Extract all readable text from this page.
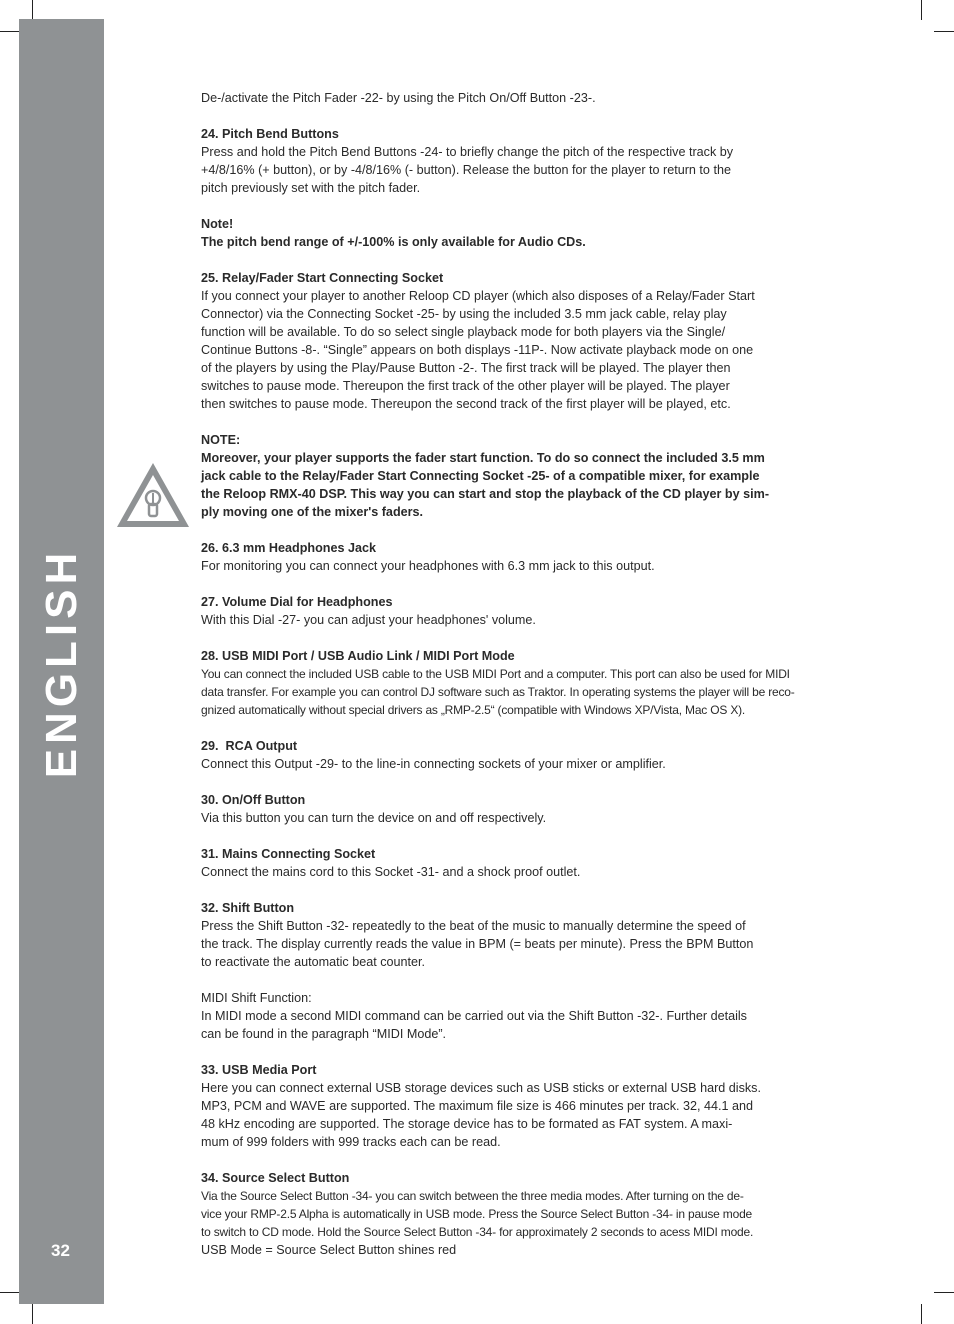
ENGLISH
32
De-/activate the Pitch Fader -22- by using the Pitch On/Off Button -23-.
24. Pitch Bend Buttons
Press and hold the Pitch Bend Buttons -24- to briefly change the pitch of the respective track by
+4/8/16% (+ button), or by -4/8/16% (- button). Release the button for the player to return to the
pitch previously set with the pitch fader.
Note!
The pitch bend range of +/-100% is only available for Audio CDs.
25. Relay/Fader Start Connecting Socket
If you connect your player to another Reloop CD player (which also disposes of a Relay/Fader Start
Connector) via the Connecting Socket -25- by using the included 3.5 mm jack cable, relay play
function will be available. To do so select single playback mode for both players via the Single/
Continue Buttons -8-. “Single” appears on both displays -11P-. Now activate playback mode on one
of the players by using the Play/Pause Button -2-. The first track will be played. The player then
switches to pause mode. Thereupon the first track of the other player will be played. The player
then switches to pause mode. Thereupon the second track of the first player will be played, etc.
NOTE:
Moreover, your player supports the fader start function. To do so connect the included 3.5 mm
jack cable to the Relay/Fader Start Connecting Socket -25- of a compatible mixer, for example
the Reloop RMX-40 DSP. This way you can start and stop the playback of the CD player by sim-
ply moving one of the mixer's faders.
26. 6.3 mm Headphones Jack
For monitoring you can connect your headphones with 6.3 mm jack to this output.
27. Volume Dial for Headphones
With this Dial -27- you can adjust your headphones' volume.
28. USB MIDI Port / USB Audio Link / MIDI Port Mode
You can connect the included USB cable to the USB MIDI Port and a computer. This port can also be used for MIDI
data transfer. For example you can control DJ software such as Traktor. In operating systems the player will be reco-
gnized automatically without special drivers as „RMP-2.5“ (compatible with Windows XP/Vista, Mac OS X).
29.  RCA Output
Connect this Output -29- to the line-in connecting sockets of your mixer or amplifier.
30. On/Off Button
Via this button you can turn the device on and off respectively.
31. Mains Connecting Socket
Connect the mains cord to this Socket -31- and a shock proof outlet.
32. Shift Button
Press the Shift Button -32- repeatedly to the beat of the music to manually determine the speed of
the track. The display currently reads the value in BPM (= beats per minute). Press the BPM Button
to reactivate the automatic beat counter.
MIDI Shift Function:
In MIDI mode a second MIDI command can be carried out via the Shift Button -32-. Further details
can be found in the paragraph “MIDI Mode”.
33. USB Media Port
Here you can connect external USB storage devices such as USB sticks or external USB hard disks.
MP3, PCM and WAVE are supported. The maximum file size is 466 minutes per track. 32, 44.1 and
48 kHz encoding are supported. The storage device has to be formated as FAT system. A maxi-
mum of 999 folders with 999 tracks each can be read.
34. Source Select Button
Via the Source Select Button -34- you can switch between the three media modes. After turning on the de-
vice your RMP-2.5 Alpha is automatically in USB mode. Press the Source Select Button -34- in pause mode
to switch to CD mode. Hold the Source Select Button -34- for approximately 2 seconds to acess MIDI mode.
USB Mode = Source Select Button shines red
